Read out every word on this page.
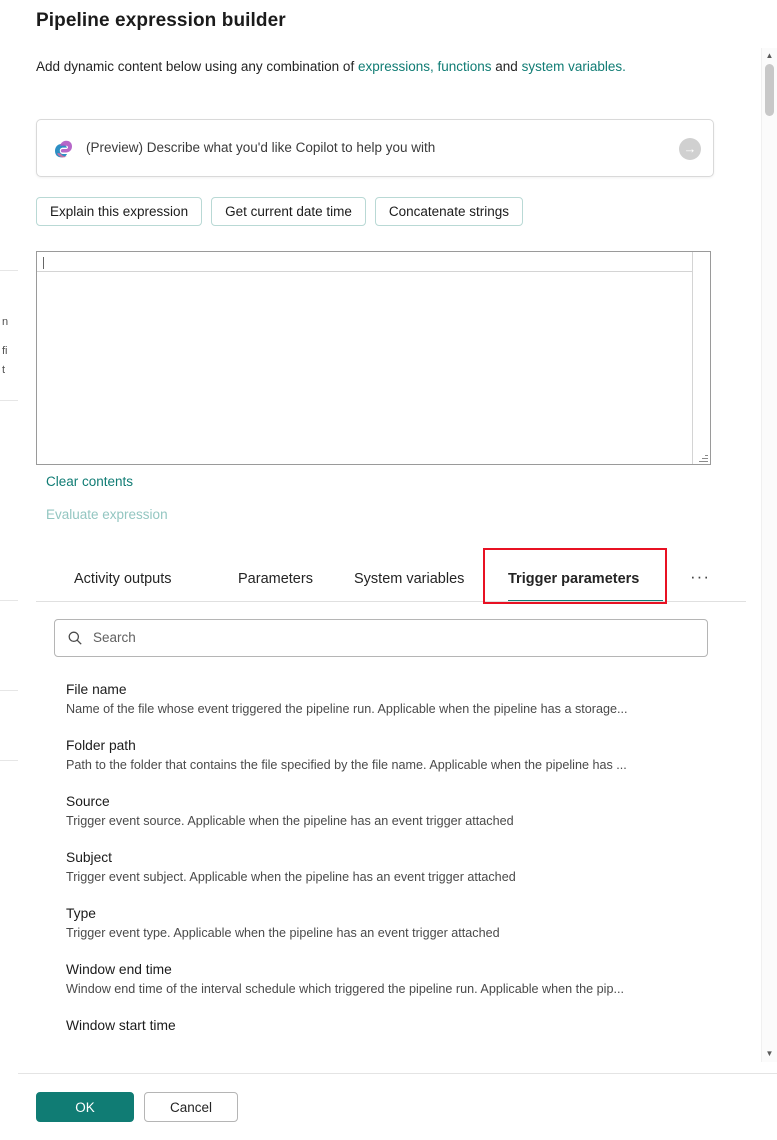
n
fi
t
Pipeline expression builder
Add dynamic content below using any combination of expressions, functions and system variables.
(Preview) Describe what you'd like Copilot to help you with	→
Explain this expression	Get current date time	Concatenate strings
Clear contents
Evaluate expression
Activity outputs	Parameters	System variables	Trigger parameters	···
Search
File name
Name of the file whose event triggered the pipeline run. Applicable when the pipeline has a storage...
Folder path
Path to the folder that contains the file specified by the file name. Applicable when the pipeline has ...
Source
Trigger event source. Applicable when the pipeline has an event trigger attached
Subject
Trigger event subject. Applicable when the pipeline has an event trigger attached
Type
Trigger event type. Applicable when the pipeline has an event trigger attached
Window end time
Window end time of the interval schedule which triggered the pipeline run. Applicable when the pip...
Window start time
▲
▼
OK	Cancel
